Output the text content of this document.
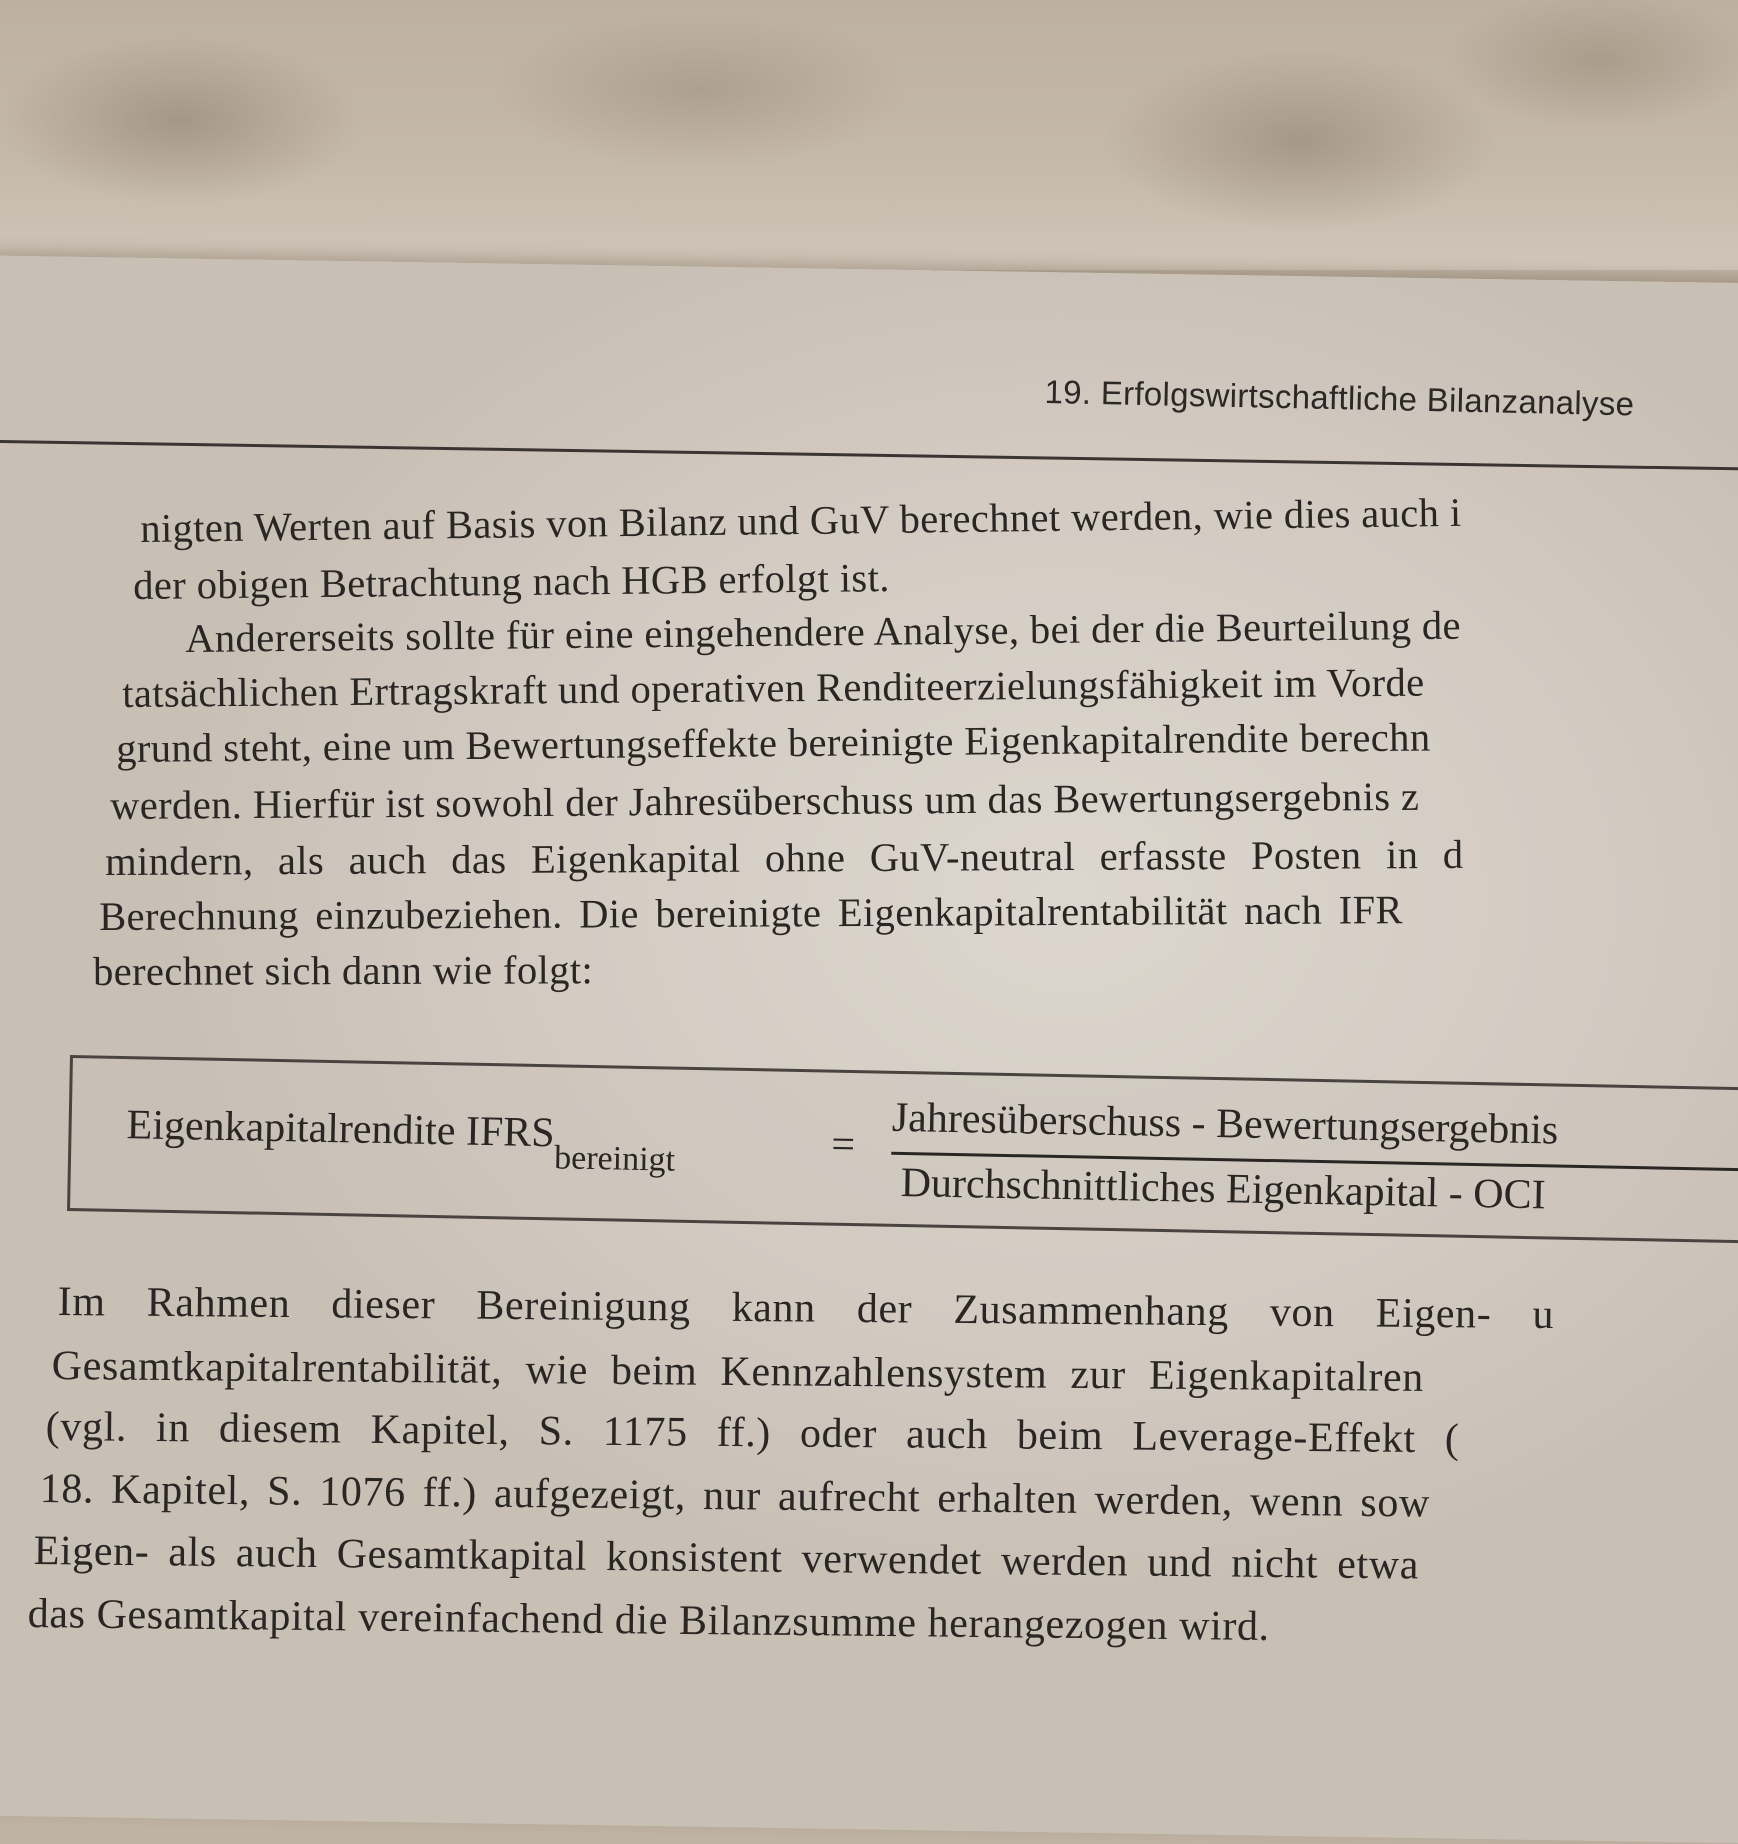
19. Erfolgswirtschaftliche Bilanzanalyse
nigten Werten auf Basis von Bilanz und GuV berechnet werden, wie dies auch i
der obigen Betrachtung nach HGB erfolgt ist.
Andererseits sollte für eine eingehendere Analyse, bei der die Beurteilung de
tatsächlichen Ertragskraft und operativen Renditeerzielungsfähigkeit im Vorde
grund steht, eine um Bewertungseffekte bereinigte Eigenkapitalrendite berechn
werden. Hierfür ist sowohl der Jahresüberschuss um das Bewertungsergebnis z
mindern, als auch das Eigenkapital ohne GuV-neutral erfasste Posten in d
Berechnung einzubeziehen. Die bereinigte Eigenkapitalrentabilität nach IFR
berechnet sich dann wie folgt:
Eigenkapitalrendite $IFRS_{bereinigt}$	= Jahresüberschuss - Bewertungsergebnis
Durchschnittliches Eigenkapital - OCI
Im Rahmen dieser Bereinigung kann der Zusammenhang von Eigen- u
Gesamtkapitalrentabilität, wie beim Kennzahlensystem zur Eigenkapitalren
(vgl. in diesem Kapitel, S. 1175 ff.) oder auch beim Leverage-Effekt (
18. Kapitel, S. 1076 ff.) aufgezeigt, nur aufrecht erhalten werden, wenn sow
Eigen- als auch Gesamtkapital konsistent verwendet werden und nicht etwa
das Gesamtkapital vereinfachend die Bilanzsumme herangezogen wird.
